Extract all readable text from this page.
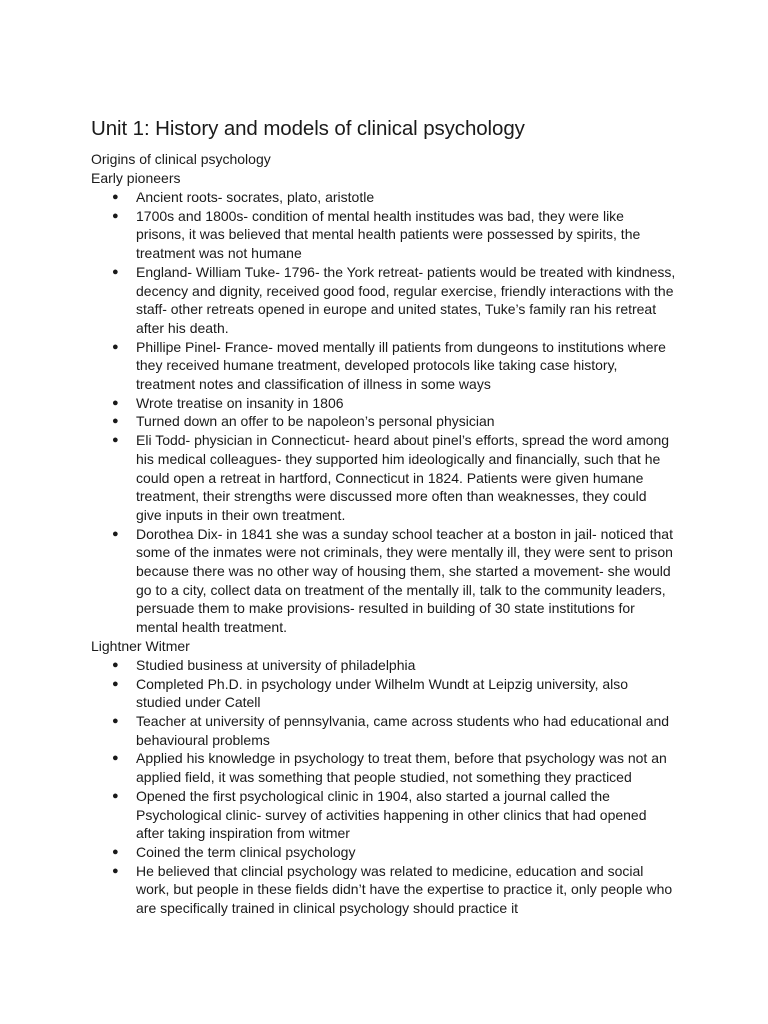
Unit 1: History and models of clinical psychology

Origins of clinical psychology

Early pioneers

● Ancient roots- socrates, plato, aristotle
● 1700s and 1800s- condition of mental health institudes was bad, they were like prisons, it was believed that mental health patients were possessed by spirits, the treatment was not humane
● England- William Tuke- 1796- the York retreat- patients would be treated with kindness, decency and dignity, received good food, regular exercise, friendly interactions with the staff- other retreats opened in europe and united states, Tuke’s family ran his retreat after his death.
● Phillipe Pinel- France- moved mentally ill patients from dungeons to institutions where they received humane treatment, developed protocols like taking case history, treatment notes and classification of illness in some ways
● Wrote treatise on insanity in 1806
● Turned down an offer to be napoleon’s personal physician
● Eli Todd- physician in Connecticut- heard about pinel’s efforts, spread the word among his medical colleagues- they supported him ideologically and financially, such that he could open a retreat in hartford, Connecticut in 1824. Patients were given humane treatment, their strengths were discussed more often than weaknesses, they could give inputs in their own treatment.
● Dorothea Dix- in 1841 she was a sunday school teacher at a boston in jail- noticed that some of the inmates were not criminals, they were mentally ill, they were sent to prison because there was no other way of housing them, she started a movement- she would go to a city, collect data on treatment of the mentally ill, talk to the community leaders, persuade them to make provisions- resulted in building of 30 state institutions for mental health treatment.

Lightner Witmer

● Studied business at university of philadelphia
● Completed Ph.D. in psychology under Wilhelm Wundt at Leipzig university, also studied under Catell
● Teacher at university of pennsylvania, came across students who had educational and behavioural problems
● Applied his knowledge in psychology to treat them, before that psychology was not an applied field, it was something that people studied, not something they practiced
● Opened the first psychological clinic in 1904, also started a journal called the Psychological clinic- survey of activities happening in other clinics that had opened after taking inspiration from witmer
● Coined the term clinical psychology
● He believed that clincial psychology was related to medicine, education and social work, but people in these fields didn’t have the expertise to practice it, only people who are specifically trained in clinical psychology should practice it
